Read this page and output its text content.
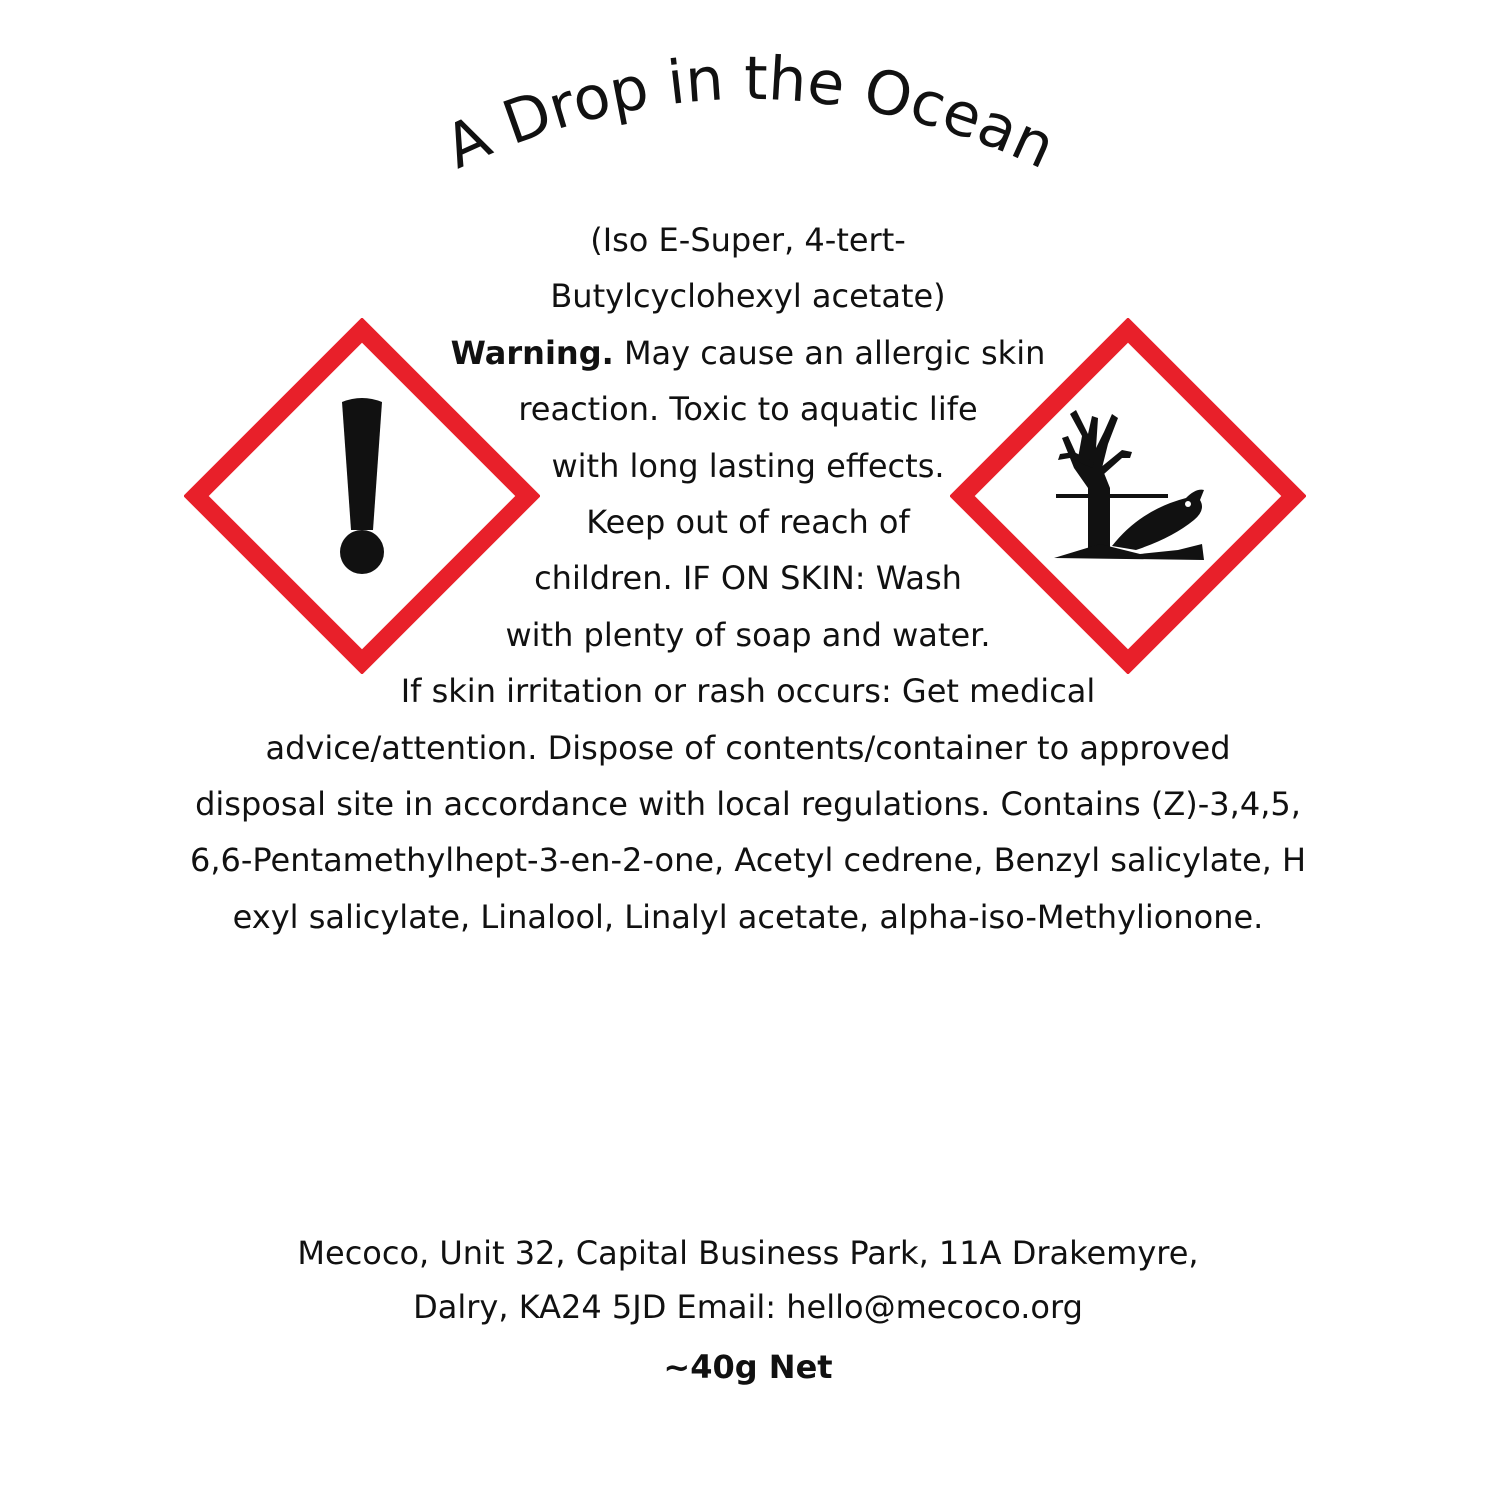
A Drop in the Ocean
(Iso E-Super, 4-tert-
Butylcyclohexyl acetate)
Warning. May cause an allergic skin
reaction. Toxic to aquatic life
with long lasting effects.
Keep out of reach of
children. IF ON SKIN: Wash
with plenty of soap and water.
If skin irritation or rash occurs: Get medical
advice/attention. Dispose of contents/container to approved
disposal site in accordance with local regulations. Contains (Z)-3,4,5,
6,6-Pentamethylhept-3-en-2-one, Acetyl cedrene, Benzyl salicylate, H
exyl salicylate, Linalool, Linalyl acetate, alpha-iso-Methylionone.
Mecoco, Unit 32, Capital Business Park, 11A Drakemyre,
Dalry, KA24 5JD Email: hello@mecoco.org
~40g Net
